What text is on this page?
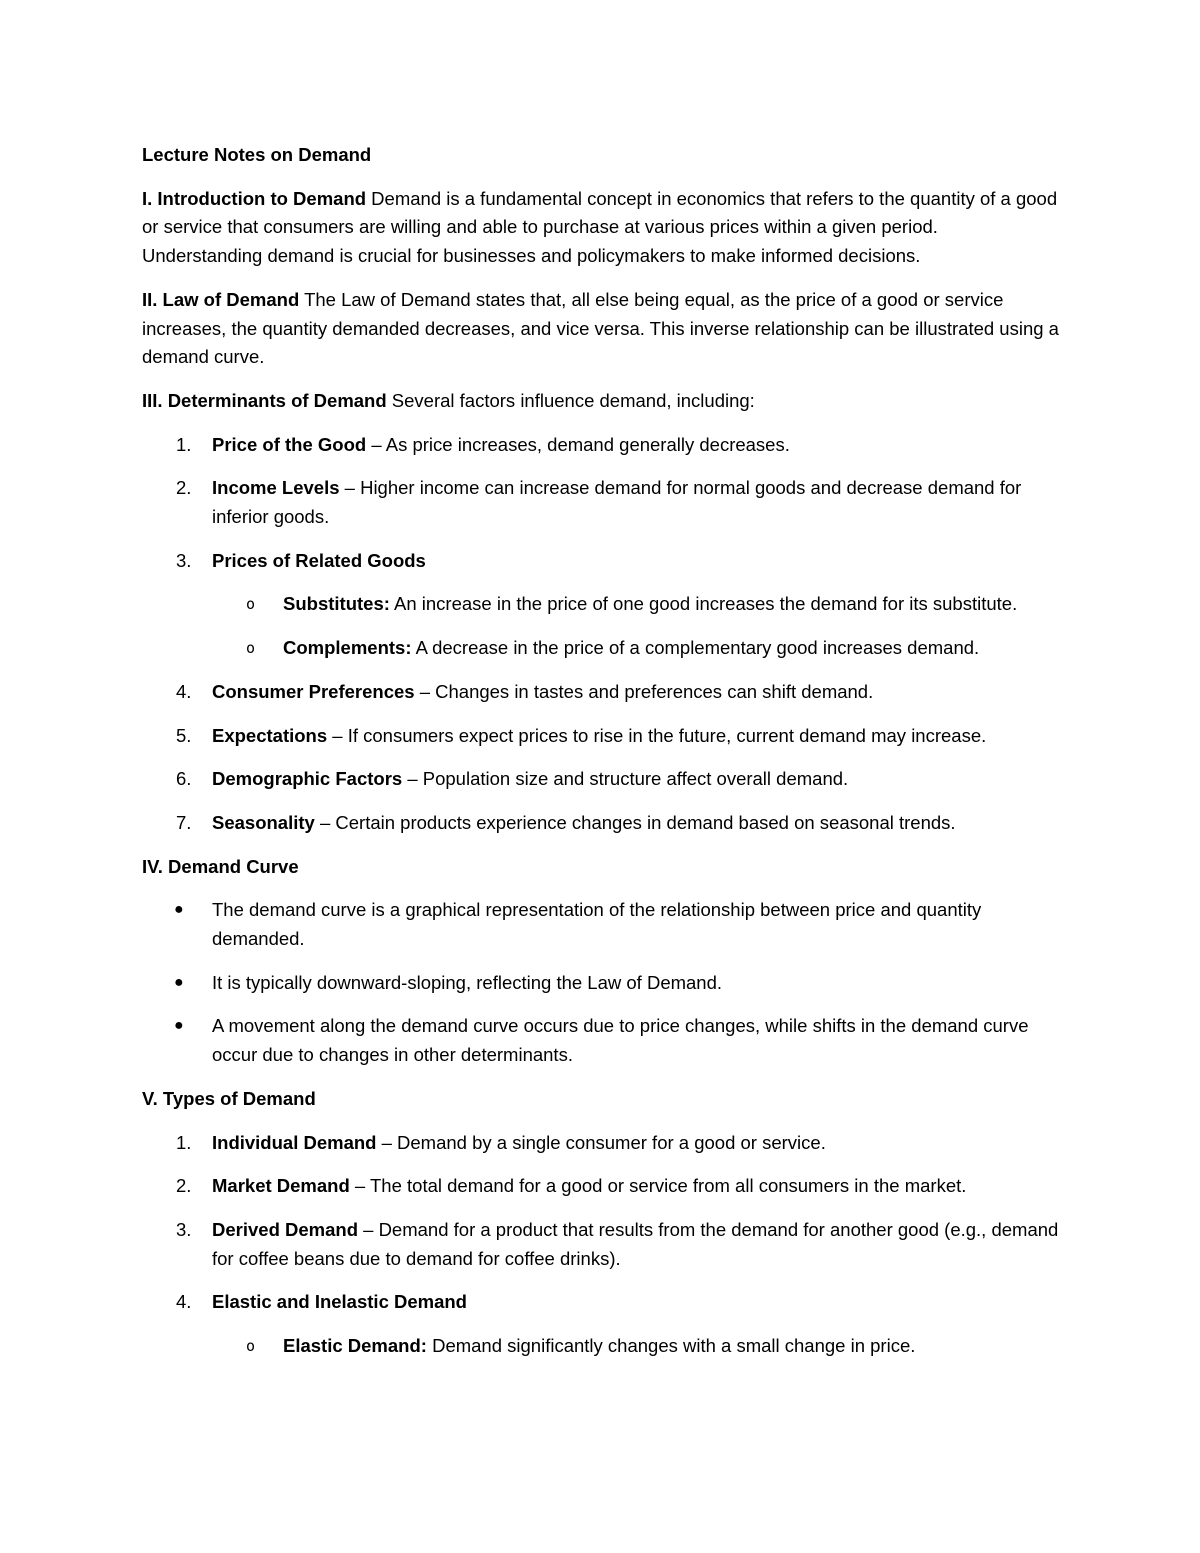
Lecture Notes on Demand

I. Introduction to Demand Demand is a fundamental concept in economics that refers to the quantity of a good or service that consumers are willing and able to purchase at various prices within a given period. Understanding demand is crucial for businesses and policymakers to make informed decisions.

II. Law of Demand The Law of Demand states that, all else being equal, as the price of a good or service increases, the quantity demanded decreases, and vice versa. This inverse relationship can be illustrated using a demand curve.

III. Determinants of Demand Several factors influence demand, including:

1. Price of the Good – As price increases, demand generally decreases.
2. Income Levels – Higher income can increase demand for normal goods and decrease demand for inferior goods.
3. Prices of Related Goods
o Substitutes: An increase in the price of one good increases the demand for its substitute.
o Complements: A decrease in the price of a complementary good increases demand.
4. Consumer Preferences – Changes in tastes and preferences can shift demand.
5. Expectations – If consumers expect prices to rise in the future, current demand may increase.
6. Demographic Factors – Population size and structure affect overall demand.
7. Seasonality – Certain products experience changes in demand based on seasonal trends.

IV. Demand Curve

● The demand curve is a graphical representation of the relationship between price and quantity demanded.
● It is typically downward-sloping, reflecting the Law of Demand.
● A movement along the demand curve occurs due to price changes, while shifts in the demand curve occur due to changes in other determinants.

V. Types of Demand

1. Individual Demand – Demand by a single consumer for a good or service.
2. Market Demand – The total demand for a good or service from all consumers in the market.
3. Derived Demand – Demand for a product that results from the demand for another good (e.g., demand for coffee beans due to demand for coffee drinks).
4. Elastic and Inelastic Demand
o Elastic Demand: Demand significantly changes with a small change in price.
